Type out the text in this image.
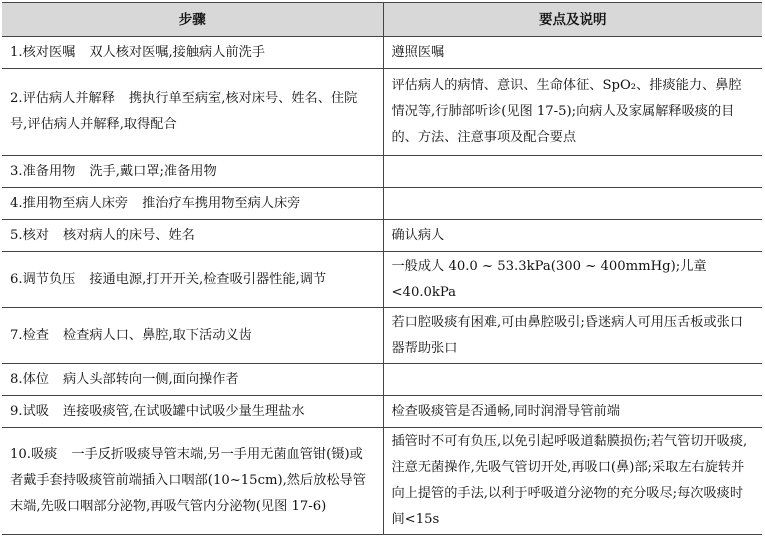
步骤	要点及说明
1.核对医嘱 双人核对医嘱,接触病人前洗手	遵照医嘱
2.评估病人并解释 携执行单至病室,核对床号、姓名、住院号,评估病人并解释,取得配合	评估病人的病情、意识、生命体征、SpO₂、排痰能力、鼻腔情况等,行肺部听诊(见图 17-5);向病人及家属解释吸痰的目的、方法、注意事项及配合要点
3.准备用物 洗手,戴口罩;准备用物	
4.推用物至病人床旁 推治疗车携用物至病人床旁	
5.核对 核对病人的床号、姓名	确认病人
6.调节负压 接通电源,打开开关,检查吸引器性能,调节	一般成人 40.0 ~ 53.3kPa(300 ~ 400mmHg);儿童<40.0kPa
7.检查 检查病人口、鼻腔,取下活动义齿	若口腔吸痰有困难,可由鼻腔吸引;昏迷病人可用压舌板或张口器帮助张口
8.体位 病人头部转向一侧,面向操作者	
9.试吸 连接吸痰管,在试吸罐中试吸少量生理盐水	检查吸痰管是否通畅,同时润滑导管前端
10.吸痰 一手反折吸痰导管末端,另一手用无菌血管钳(镊)或者戴手套持吸痰管前端插入口咽部(10~15cm),然后放松导管末端,先吸口咽部分泌物,再吸气管内分泌物(见图 17-6)	插管时不可有负压,以免引起呼吸道黏膜损伤;若气管切开吸痰,注意无菌操作,先吸气管切开处,再吸口(鼻)部;采取左右旋转并向上提管的手法,以利于呼吸道分泌物的充分吸尽;每次吸痰时间<15s
